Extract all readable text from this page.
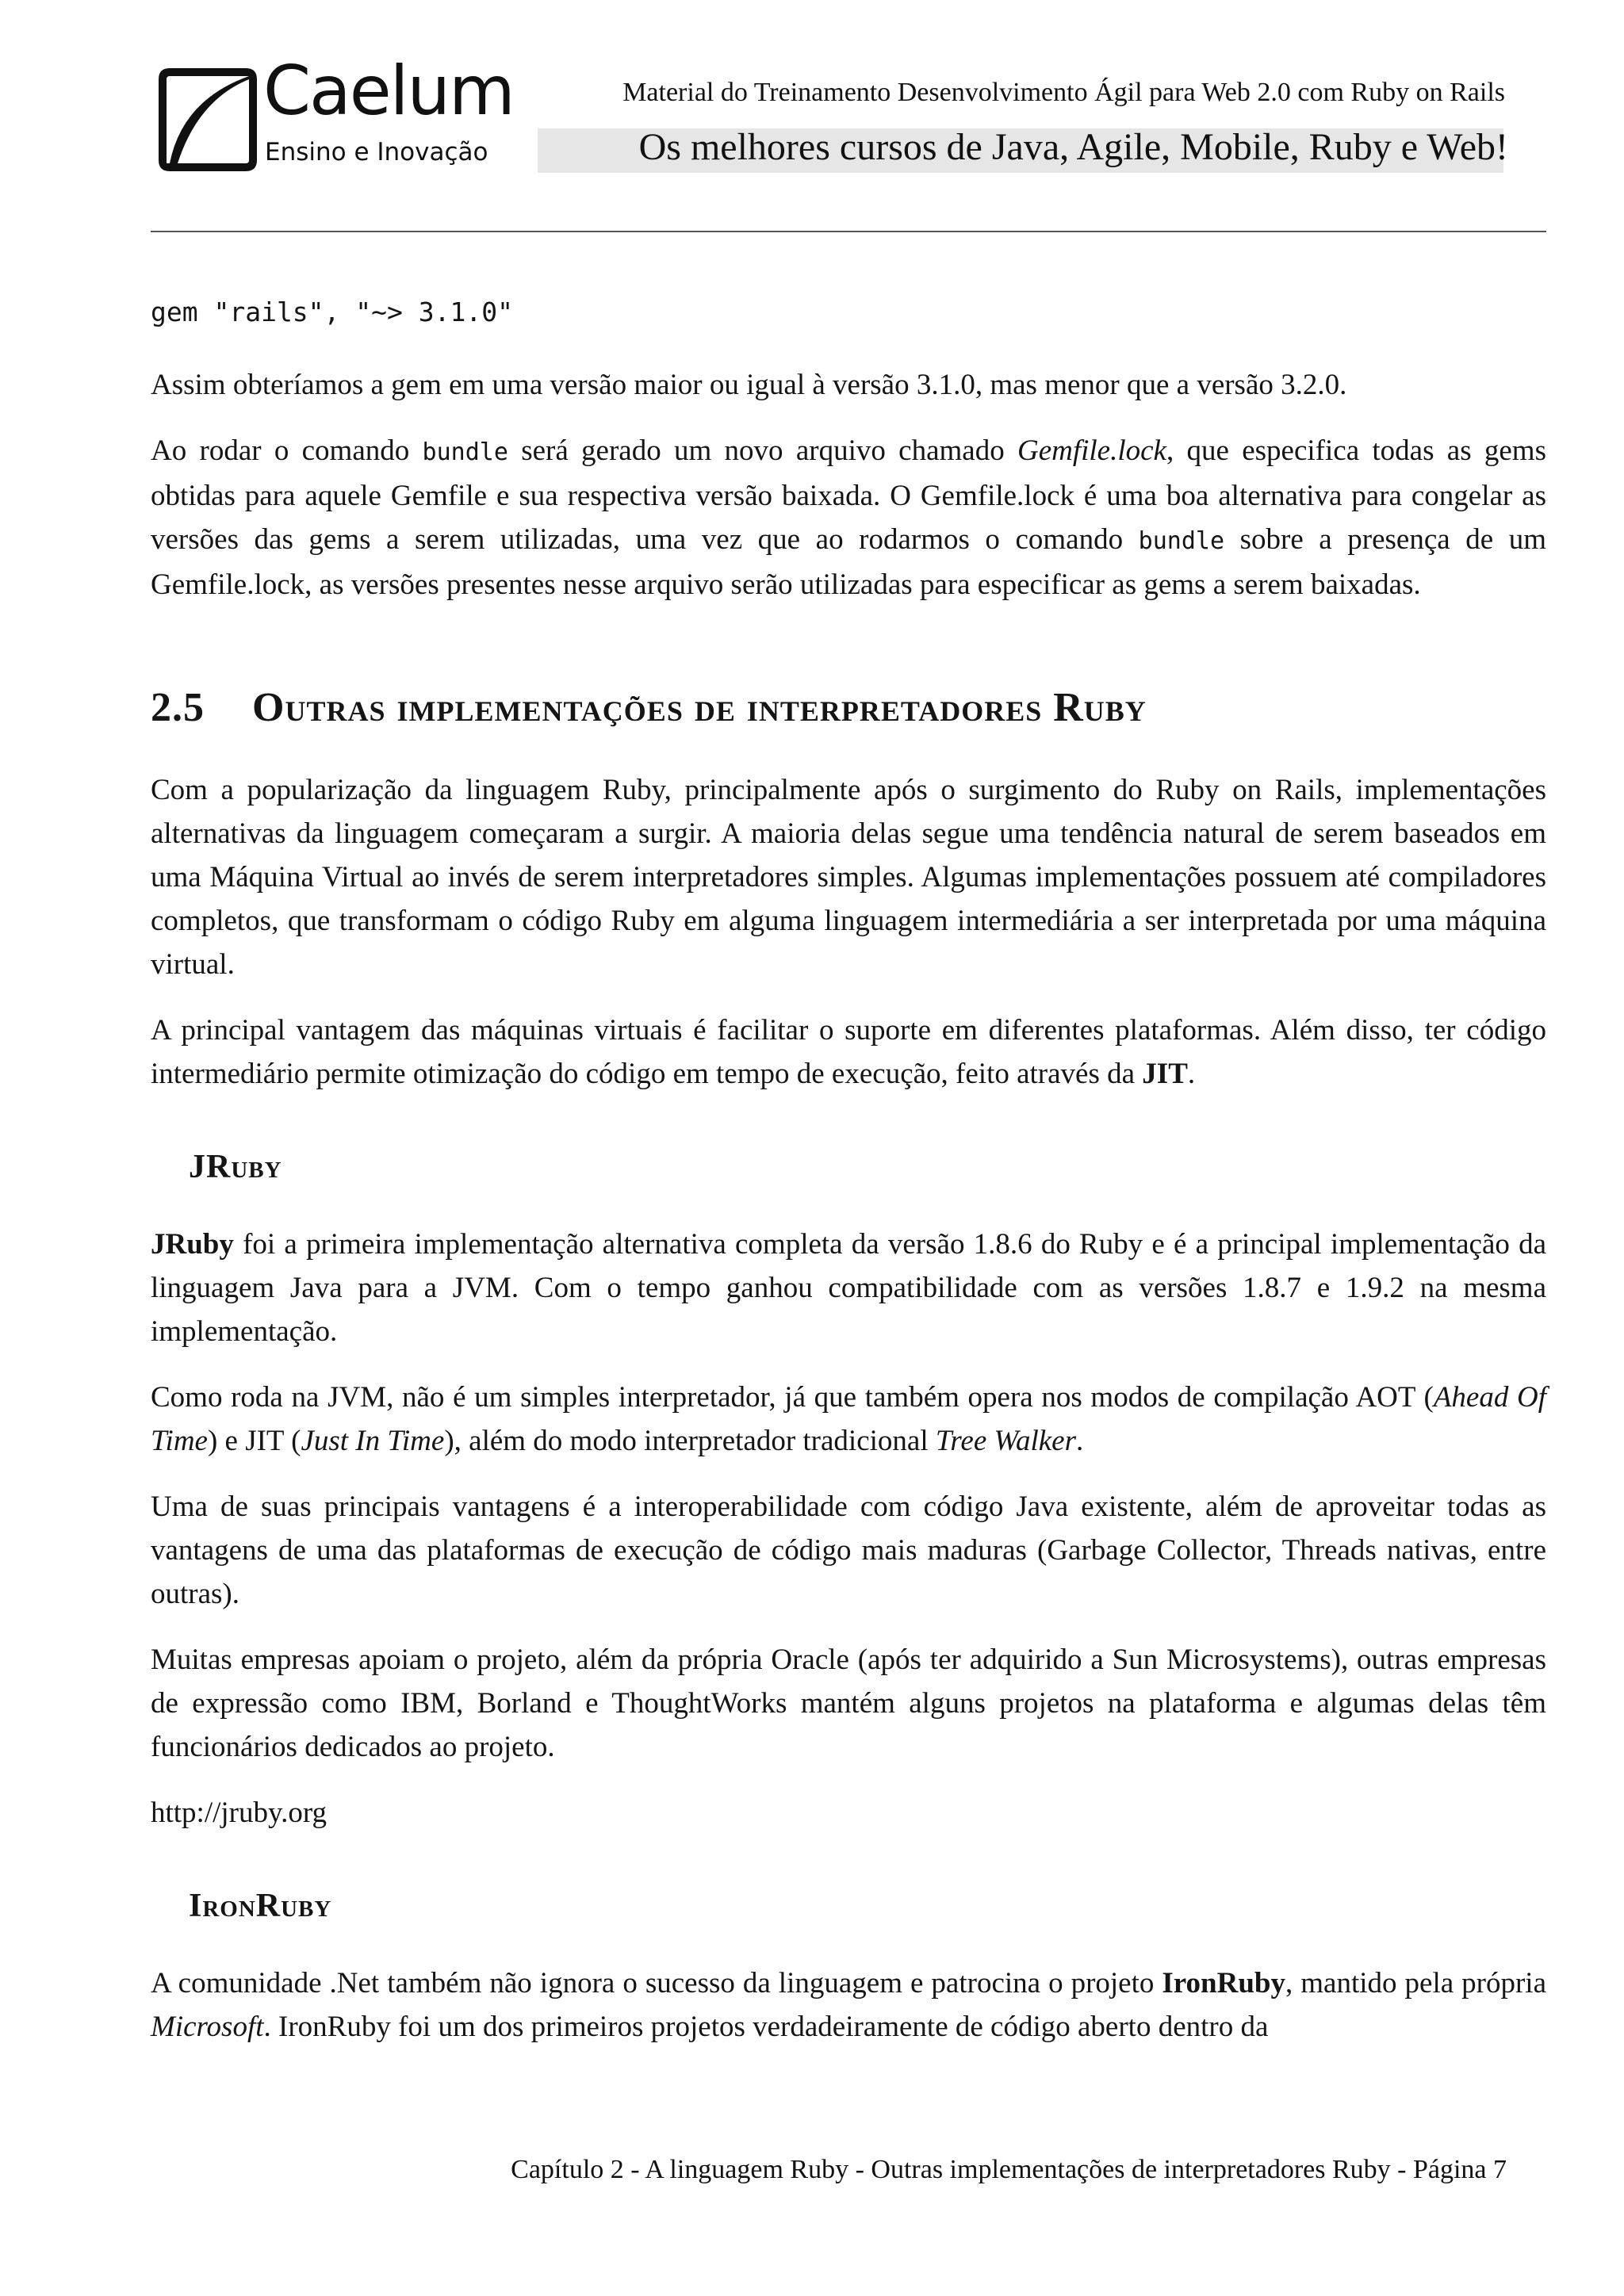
✱ Caelum
Ensino e Inovação
Material do Treinamento Desenvolvimento Ágil para Web 2.0 com Ruby on Rails
Os melhores cursos de Java, Agile, Mobile, Ruby e Web!
gem "rails", "~> 3.1.0"

Assim obteríamos a gem em uma versão maior ou igual à versão 3.1.0, mas menor que a versão 3.2.0.

Ao rodar o comando bundle será gerado um novo arquivo chamado Gemfile.lock, que especifica todas as gems obtidas para aquele Gemfile e sua respectiva versão baixada. O Gemfile.lock é uma boa alternativa para congelar as versões das gems a serem utilizadas, uma vez que ao rodarmos o comando bundle sobre a presença de um Gemfile.lock, as versões presentes nesse arquivo serão utilizadas para especificar as gems a serem baixadas.

2.5 Outras implementações de interpretadores Ruby

Com a popularização da linguagem Ruby, principalmente após o surgimento do Ruby on Rails, implementações alternativas da linguagem começaram a surgir. A maioria delas segue uma tendência natural de serem baseados em uma Máquina Virtual ao invés de serem interpretadores simples. Algumas implementações possuem até compiladores completos, que transformam o código Ruby em alguma linguagem intermediária a ser interpretada por uma máquina virtual.

A principal vantagem das máquinas virtuais é facilitar o suporte em diferentes plataformas. Além disso, ter código intermediário permite otimização do código em tempo de execução, feito através da JIT.

JRuby

JRuby foi a primeira implementação alternativa completa da versão 1.8.6 do Ruby e é a principal implementação da linguagem Java para a JVM. Com o tempo ganhou compatibilidade com as versões 1.8.7 e 1.9.2 na mesma implementação.

Como roda na JVM, não é um simples interpretador, já que também opera nos modos de compilação AOT (Ahead Of Time) e JIT (Just In Time), além do modo interpretador tradicional Tree Walker.

Uma de suas principais vantagens é a interoperabilidade com código Java existente, além de aproveitar todas as vantagens de uma das plataformas de execução de código mais maduras (Garbage Collector, Threads nativas, entre outras).

Muitas empresas apoiam o projeto, além da própria Oracle (após ter adquirido a Sun Microsystems), outras empresas de expressão como IBM, Borland e ThoughtWorks mantém alguns projetos na plataforma e algumas delas têm funcionários dedicados ao projeto.

http://jruby.org

IronRuby

A comunidade .Net também não ignora o sucesso da linguagem e patrocina o projeto IronRuby, mantido pela própria Microsoft. IronRuby foi um dos primeiros projetos verdadeiramente de código aberto dentro da

Capítulo 2 - A linguagem Ruby - Outras implementações de interpretadores Ruby - Página 7
